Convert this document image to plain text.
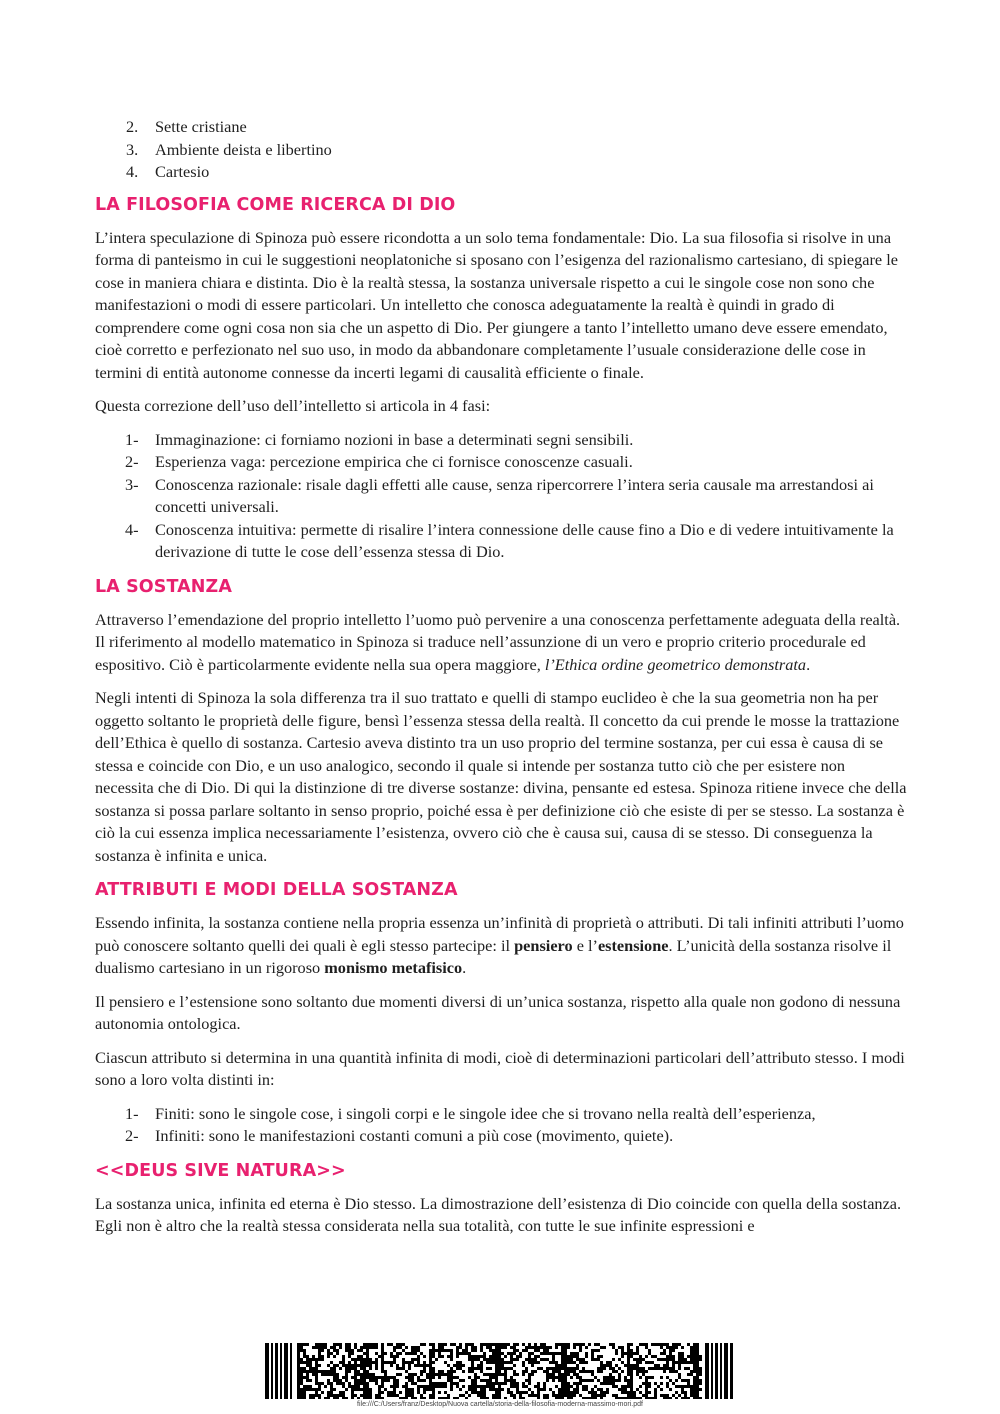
2. Sette cristiane
3. Ambiente deista e libertino
4. Cartesio
LA FILOSOFIA COME RICERCA DI DIO

L’intera speculazione di Spinoza può essere ricondotta a un solo tema fondamentale: Dio. La sua filosofia si risolve in una forma di panteismo in cui le suggestioni neoplatoniche si sposano con l’esigenza del razionalismo cartesiano, di spiegare le cose in maniera chiara e distinta. Dio è la realtà stessa, la sostanza universale rispetto a cui le singole cose non sono che manifestazioni o modi di essere particolari. Un intelletto che conosca adeguatamente la realtà è quindi in grado di comprendere come ogni cosa non sia che un aspetto di Dio. Per giungere a tanto l’intelletto umano deve essere emendato, cioè corretto e perfezionato nel suo uso, in modo da abbandonare completamente l’usuale considerazione delle cose in termini di entità autonome connesse da incerti legami di causalità efficiente o finale.

Questa correzione dell’uso dell’intelletto si articola in 4 fasi:

1- Immaginazione: ci forniamo nozioni in base a determinati segni sensibili.
2- Esperienza vaga: percezione empirica che ci fornisce conoscenze casuali.
3- Conoscenza razionale: risale dagli effetti alle cause, senza ripercorrere l’intera seria causale ma arrestandosi ai concetti universali.
4- Conoscenza intuitiva: permette di risalire l’intera connessione delle cause fino a Dio e di vedere intuitivamente la derivazione di tutte le cose dell’essenza stessa di Dio.
LA SOSTANZA

Attraverso l’emendazione del proprio intelletto l’uomo può pervenire a una conoscenza perfettamente adeguata della realtà. Il riferimento al modello matematico in Spinoza si traduce nell’assunzione di un vero e proprio criterio procedurale ed espositivo. Ciò è particolarmente evidente nella sua opera maggiore, l’Ethica ordine geometrico demonstrata.

Negli intenti di Spinoza la sola differenza tra il suo trattato e quelli di stampo euclideo è che la sua geometria non ha per oggetto soltanto le proprietà delle figure, bensì l’essenza stessa della realtà. Il concetto da cui prende le mosse la trattazione dell’Ethica è quello di sostanza. Cartesio aveva distinto tra un uso proprio del termine sostanza, per cui essa è causa di se stessa e coincide con Dio, e un uso analogico, secondo il quale si intende per sostanza tutto ciò che per esistere non necessita che di Dio. Di qui la distinzione di tre diverse sostanze: divina, pensante ed estesa. Spinoza ritiene invece che della sostanza si possa parlare soltanto in senso proprio, poiché essa è per definizione ciò che esiste di per se stesso. La sostanza è ciò la cui essenza implica necessariamente l’esistenza, ovvero ciò che è causa sui, causa di se stesso. Di conseguenza la sostanza è infinita e unica.

ATTRIBUTI E MODI DELLA SOSTANZA

Essendo infinita, la sostanza contiene nella propria essenza un’infinità di proprietà o attributi. Di tali infiniti attributi l’uomo può conoscere soltanto quelli dei quali è egli stesso partecipe: il pensiero e l’estensione. L’unicità della sostanza risolve il dualismo cartesiano in un rigoroso monismo metafisico.

Il pensiero e l’estensione sono soltanto due momenti diversi di un’unica sostanza, rispetto alla quale non godono di nessuna autonomia ontologica.

Ciascun attributo si determina in una quantità infinita di modi, cioè di determinazioni particolari dell’attributo stesso. I modi sono a loro volta distinti in:

1- Finiti: sono le singole cose, i singoli corpi e le singole idee che si trovano nella realtà dell’esperienza,
2- Infiniti: sono le manifestazioni costanti comuni a più cose (movimento, quiete).
<<DEUS SIVE NATURA>>

La sostanza unica, infinita ed eterna è Dio stesso. La dimostrazione dell’esistenza di Dio coincide con quella della sostanza. Egli non è altro che la realtà stessa considerata nella sua totalità, con tutte le sue infinite espressioni e

file:///C:/Users/franz/Desktop/Nuova cartella/storia-della-filosofia-moderna-massimo-mori.pdf
